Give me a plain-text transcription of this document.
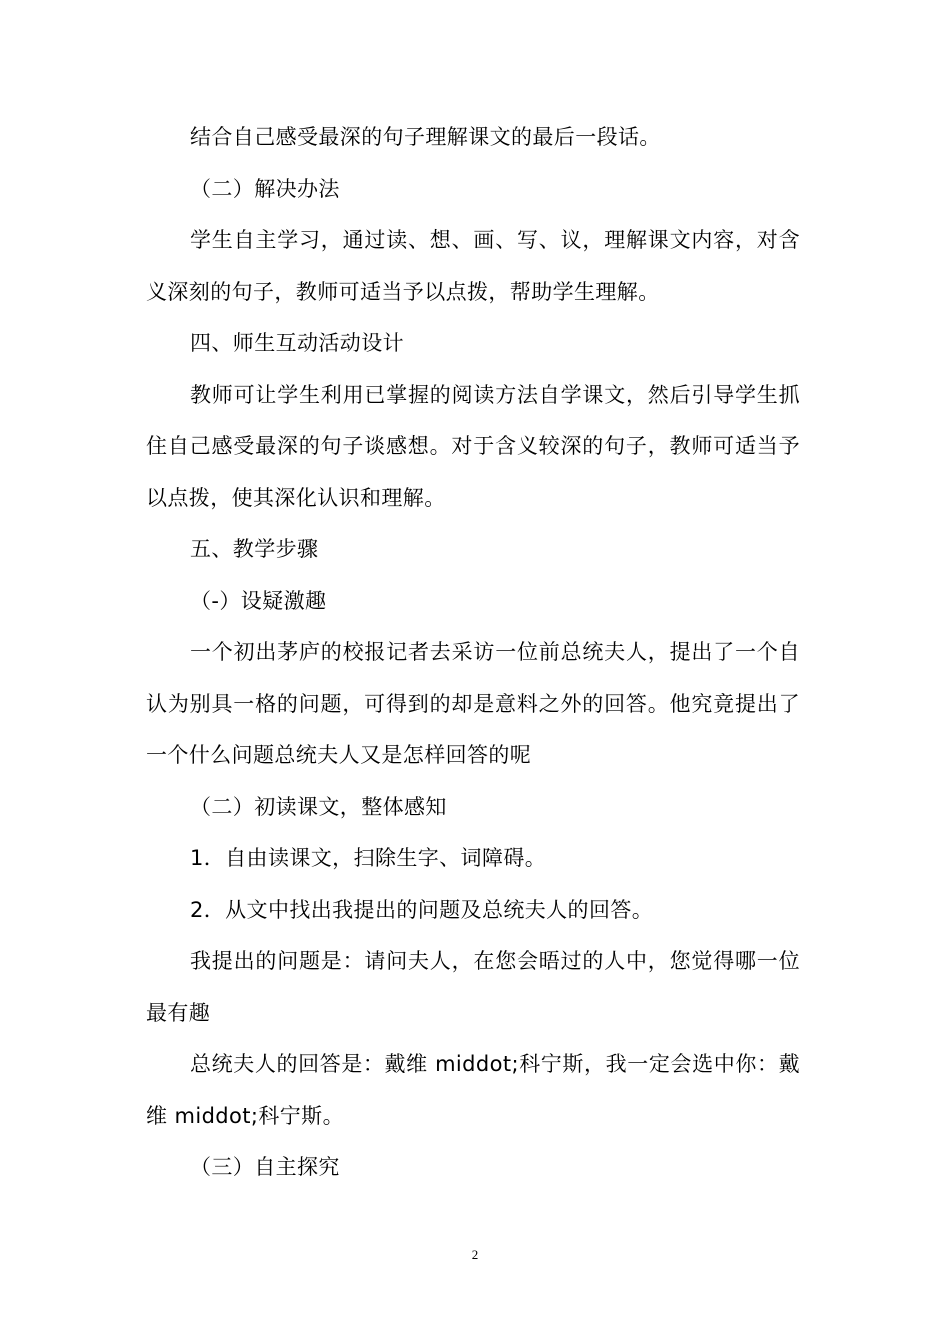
结合自己感受最深的句子理解课文的最后一段话。

（二）解决办法

学生自主学习，通过读、想、画、写、议，理解课文内容，对含义深刻的句子，教师可适当予以点拨，帮助学生理解。

四、师生互动活动设计

教师可让学生利用已掌握的阅读方法自学课文，然后引导学生抓住自己感受最深的句子谈感想。对于含义较深的句子，教师可适当予以点拨，使其深化认识和理解。

五、教学步骤

（-）设疑激趣

一个初出茅庐的校报记者去采访一位前总统夫人，提出了一个自认为别具一格的问题，可得到的却是意料之外的回答。他究竟提出了一个什么问题总统夫人又是怎样回答的呢

（二）初读课文，整体感知

1．自由读课文，扫除生字、词障碍。

2．从文中找出我提出的问题及总统夫人的回答。

我提出的问题是：请问夫人，在您会晤过的人中，您觉得哪一位最有趣

总统夫人的回答是：戴维 middot;科宁斯，我一定会选中你：戴维 middot;科宁斯。

（三）自主探究

2
